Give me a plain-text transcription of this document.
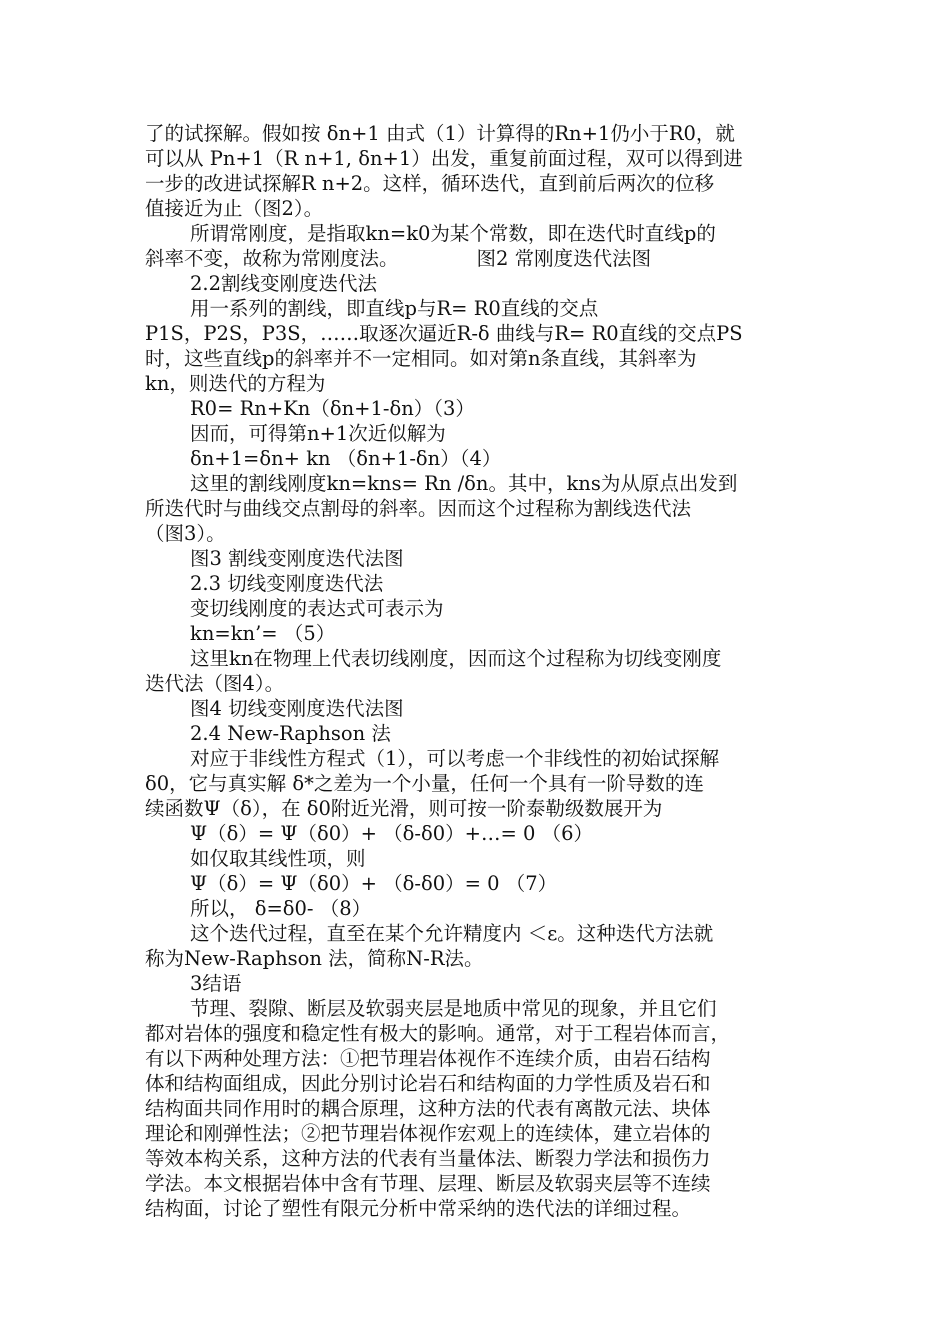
了的试探解。假如按 δn+1 由式（1）计算得的Rn+1仍小于R0，就
可以从 Pn+1（R n+1, δn+1）出发，重复前面过程，双可以得到进
一步的改进试探解R n+2。这样，循环迭代，直到前后两次的位移
值接近为止（图2）。
所谓常刚度，是指取kn=k0为某个常数，即在迭代时直线p的
斜率不变，故称为常刚度法。	图2 常刚度迭代法图
2.2割线变刚度迭代法
用一系列的割线，即直线p与R= R0直线的交点
P1S，P2S，P3S，……取逐次逼近R-δ 曲线与R= R0直线的交点PS
时，这些直线p的斜率并不一定相同。如对第n条直线，其斜率为
kn，则迭代的方程为
R0= Rn+Kn（δn+1-δn）（3）
因而，可得第n+1次近似解为
δn+1=δn+ kn （δn+1-δn）（4）
这里的割线刚度kn=kns= Rn /δn。其中，kns为从原点出发到
所迭代时与曲线交点割母的斜率。因而这个过程称为割线迭代法
（图3）。
图3 割线变刚度迭代法图
2.3 切线变刚度迭代法
变切线刚度的表达式可表示为
kn=kn’= （5）
这里kn在物理上代表切线刚度，因而这个过程称为切线变刚度
迭代法（图4）。
图4 切线变刚度迭代法图
2.4 New-Raphson 法
对应于非线性方程式（1），可以考虑一个非线性的初始试探解
δ0，它与真实解 δ*之差为一个小量，任何一个具有一阶导数的连
续函数Ψ（δ），在 δ0附近光滑，则可按一阶泰勒级数展开为
Ψ（δ）= Ψ（δ0）+ （δ-δ0）+…= 0 （6）
如仅取其线性项，则
Ψ（δ）= Ψ（δ0）+ （δ-δ0）= 0 （7）
所以， δ=δ0- （8）
这个迭代过程，直至在某个允许精度内 ＜ε。这种迭代方法就
称为New-Raphson 法，简称N-R法。
3结语
节理、裂隙、断层及软弱夹层是地质中常见的现象，并且它们
都对岩体的强度和稳定性有极大的影响。通常，对于工程岩体而言，
有以下两种处理方法：①把节理岩体视作不连续介质，由岩石结构
体和结构面组成，因此分别讨论岩石和结构面的力学性质及岩石和
结构面共同作用时的耦合原理，这种方法的代表有离散元法、块体
理论和刚弹性法；②把节理岩体视作宏观上的连续体，建立岩体的
等效本构关系，这种方法的代表有当量体法、断裂力学法和损伤力
学法。本文根据岩体中含有节理、层理、断层及软弱夹层等不连续
结构面，讨论了塑性有限元分析中常采纳的迭代法的详细过程。
